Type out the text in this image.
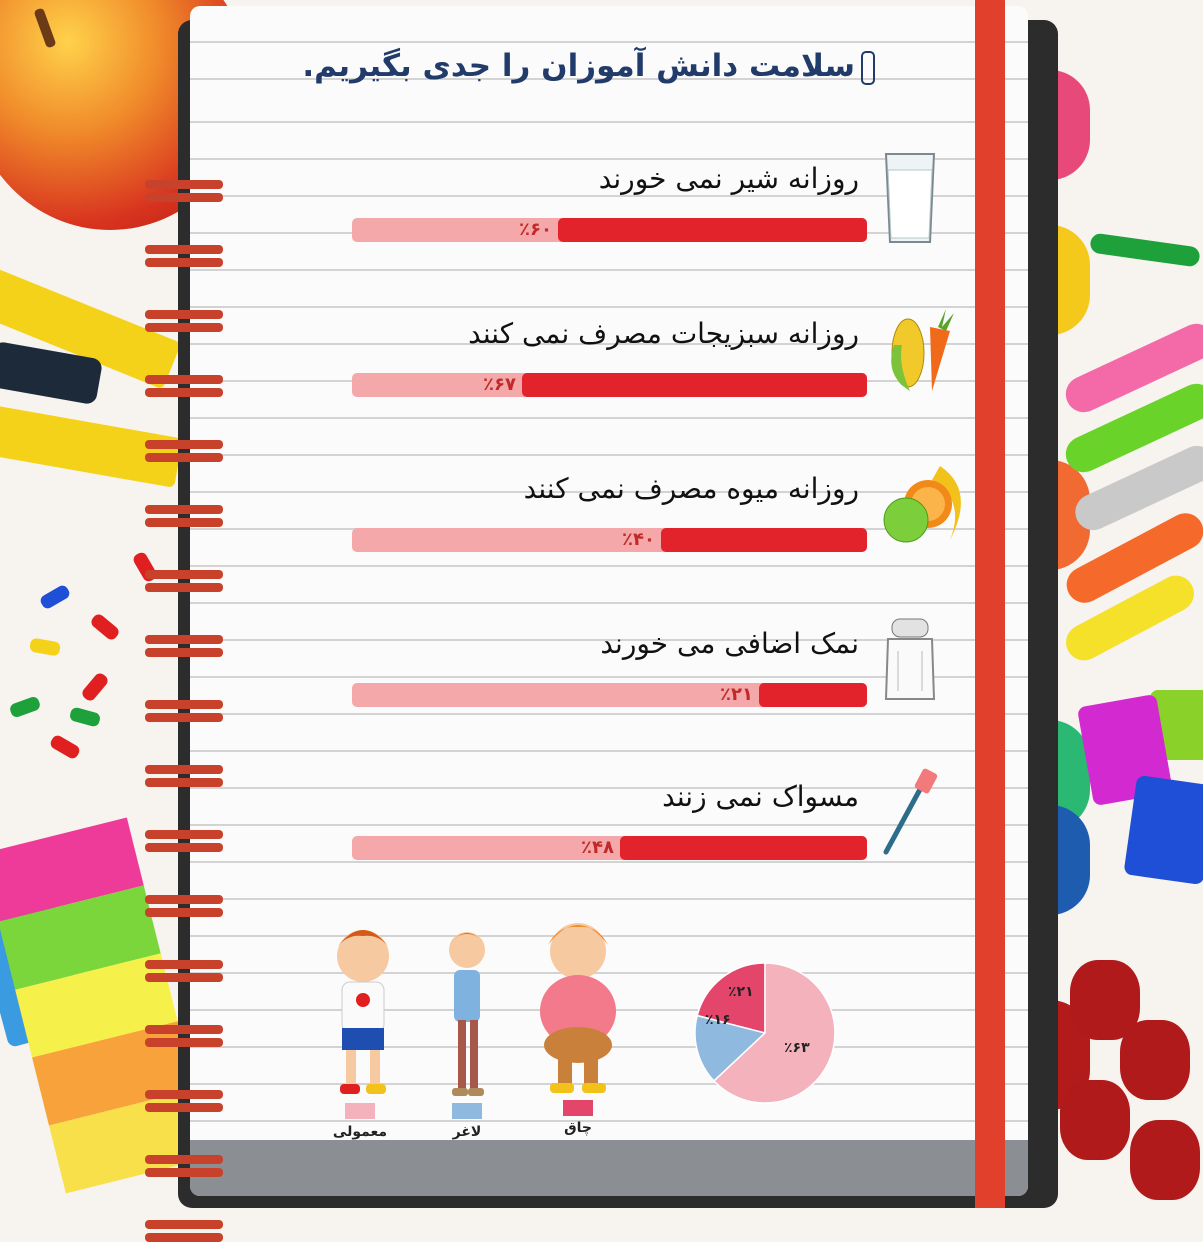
سلامت دانش آموزان را جدی بگیریم.
روزانه شیر نمی خورند
٪۶۰
روزانه سبزیجات مصرف نمی کنند
٪۶۷
روزانه میوه مصرف نمی کنند
٪۴۰
نمک اضافی می خورند
٪۲۱
مسواک نمی زنند
٪۴۸
معمولی	لاغر	چاق
٪۲۱
٪۱۶
٪۶۳
